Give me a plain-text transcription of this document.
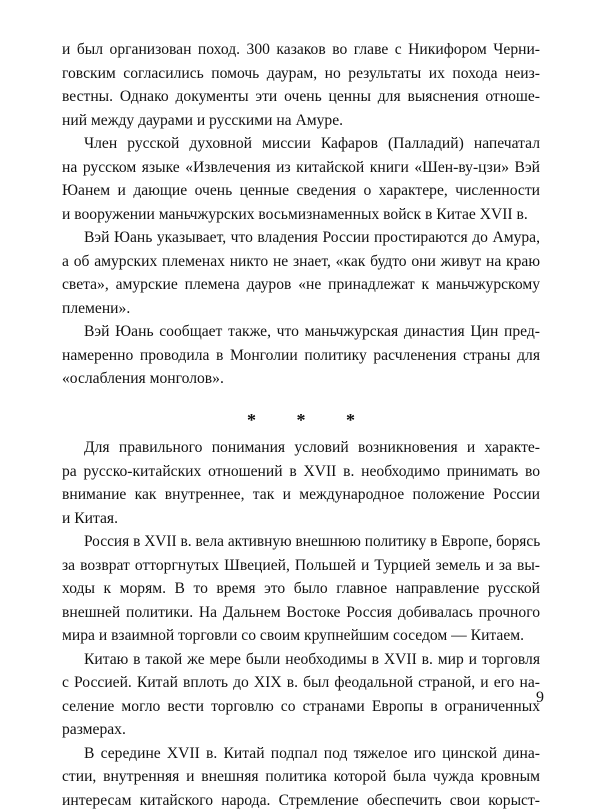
и был организован поход. 300 казаков во главе с Никифором Черни-
говским согласились помочь даурам, но результаты их похода неиз-
вестны. Однако документы эти очень ценны для выяснения отноше-
ний между даурами и русскими на Амуре.

Член русской духовной миссии Кафаров (Палладий) напечатал
на русском языке «Извлечения из китайской книги «Шен-ву-цзи» Вэй
Юанем и дающие очень ценные сведения о характере, численности
и вооружении маньчжурских восьмизнаменных войск в Китае XVII в.

Вэй Юань указывает, что владения России простираются до Амура,
а об амурских племенах никто не знает, «как будто они живут на краю
света», амурские племена дауров «не принадлежат к маньчжурскому
племени».

Вэй Юань сообщает также, что маньчжурская династия Цин пред-
намеренно проводила в Монголии политику расчленения страны для
«ослабления монголов».

* * *

Для правильного понимания условий возникновения и характе-
ра русско-китайских отношений в XVII в. необходимо принимать во
внимание как внутреннее, так и международное положение России
и Китая.

Россия в XVII в. вела активную внешнюю политику в Европе, борясь
за возврат отторгнутых Швецией, Польшей и Турцией земель и за вы-
ходы к морям. В то время это было главное направление русской
внешней политики. На Дальнем Востоке Россия добивалась прочного
мира и взаимной торговли со своим крупнейшим соседом — Китаем.

Китаю в такой же мере были необходимы в XVII в. мир и торговля
с Россией. Китай вплоть до XIX в. был феодальной страной, и его на-
селение могло вести торговлю со странами Европы в ограниченных
размерах.

В середине XVII в. Китай подпал под тяжелое иго цинской дина-
стии, внутренняя и внешняя политика которой была чужда кровным
интересам китайского народа. Стремление обеспечить свои корыст-

9
